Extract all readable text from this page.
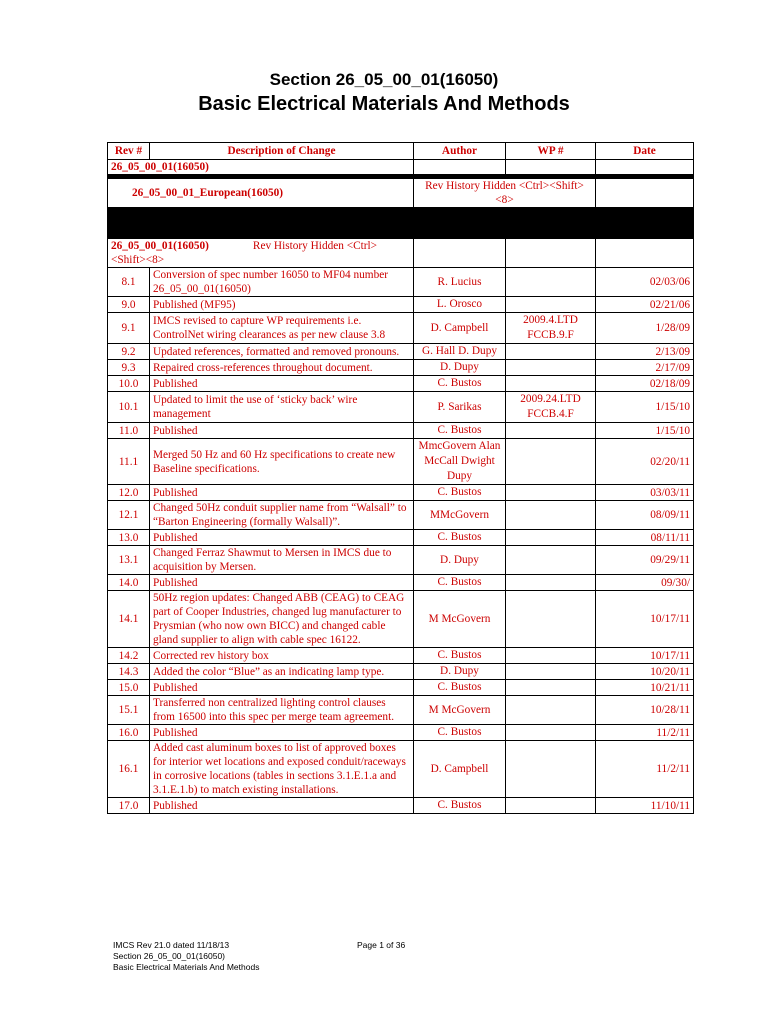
Section 26_05_00_01(16050)
Basic Electrical Materials And Methods
Rev #	Description of Change	Author	WP #	Date
26_05_00_01(16050)				

26_05_00_01_European(16050)		Rev History Hidden <Ctrl><Shift><8>		

26_05_00_01(16050) Rev History Hidden <Ctrl><Shift><8>				
8.1	Conversion of spec number 16050 to MF04 number 26_05_00_01(16050)	R. Lucius		02/03/06
9.0	Published (MF95)	L. Orosco		02/21/06
9.1	IMCS revised to capture WP requirements i.e. ControlNet wiring clearances as per new clause 3.8	D. Campbell	2009.4.LTD FCCB.9.F	1/28/09
9.2	Updated references, formatted and removed pronouns.	G. Hall D. Dupy		2/13/09
9.3	Repaired cross-references throughout document.	D. Dupy		2/17/09
10.0	Published	C. Bustos		02/18/09
10.1	Updated to limit the use of ‘sticky back’ wire management	P. Sarikas	2009.24.LTD FCCB.4.F	1/15/10
11.0	Published	C. Bustos		1/15/10
11.1	Merged 50 Hz and 60 Hz specifications to create new Baseline specifications.	MmcGovern Alan McCall Dwight Dupy		02/20/11
12.0	Published	C. Bustos		03/03/11
12.1	Changed 50Hz conduit supplier name from “Walsall” to “Barton Engineering (formally Walsall)”.	MMcGovern		08/09/11
13.0	Published	C. Bustos		08/11/11
13.1	Changed Ferraz Shawmut to Mersen in IMCS due to acquisition by Mersen.	D. Dupy		09/29/11
14.0	Published	C. Bustos		09/30/
14.1	50Hz region updates: Changed ABB (CEAG) to CEAG part of Cooper Industries, changed lug manufacturer to Prysmian (who now own BICC) and changed cable gland supplier to align with cable spec 16122.	M McGovern		10/17/11
14.2	Corrected rev history box	C. Bustos		10/17/11
14.3	Added the color “Blue” as an indicating lamp type.	D. Dupy		10/20/11
15.0	Published	C. Bustos		10/21/11
15.1	Transferred non centralized lighting control clauses from 16500 into this spec per merge team agreement.	M McGovern		10/28/11
16.0	Published	C. Bustos		11/2/11
16.1	Added cast aluminum boxes to list of approved boxes for interior wet locations and exposed conduit/raceways in corrosive locations (tables in sections 3.1.E.1.a and 3.1.E.1.b) to match existing installations.	D. Campbell		11/2/11
17.0	Published	C. Bustos		11/10/11
IMCS Rev 21.0 dated 11/18/13
Section 26_05_00_01(16050)
Basic Electrical Materials And Methods
Page 1 of 36
